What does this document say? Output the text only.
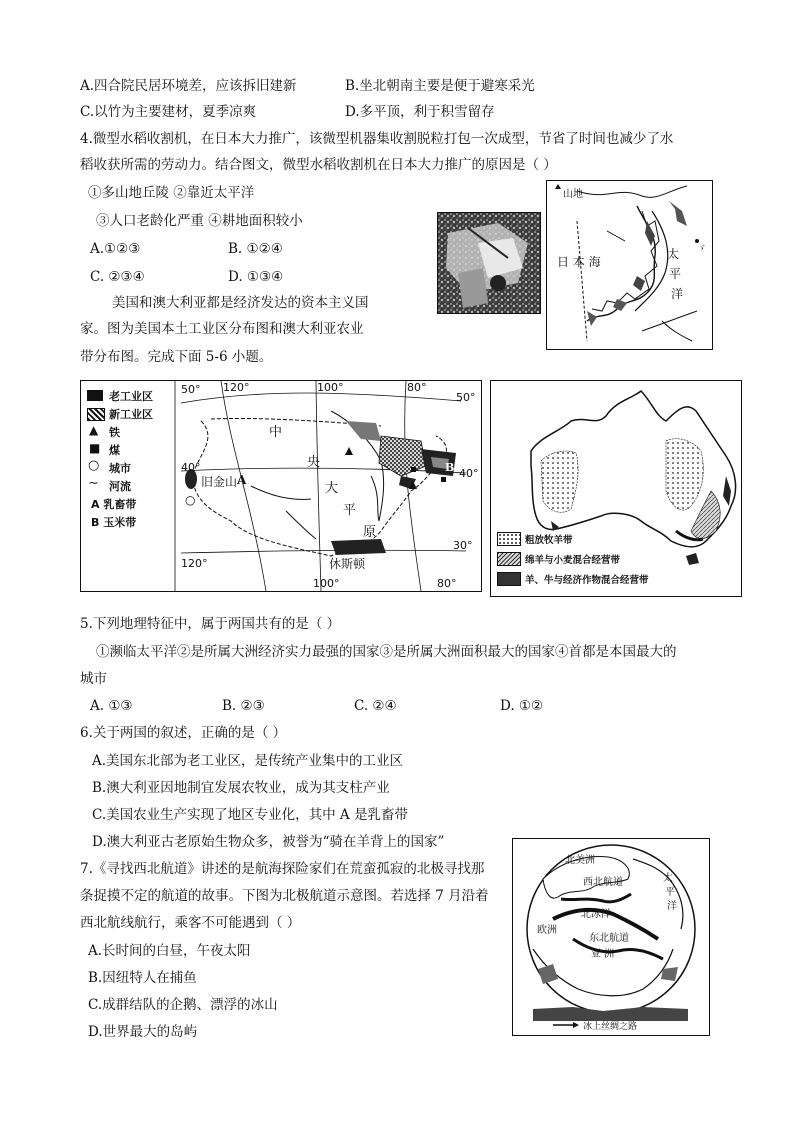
A.四合院民居环境差，应该拆旧建新	B.坐北朝南主要是便于避寒采光
C.以竹为主要建材，夏季凉爽	D.多平顶，利于积雪留存
4.微型水稻收割机，在日本大力推广，该微型机器集收割脱粒打包一次成型，节省了时间也减少了水
稻收获所需的劳动力。结合图文，微型水稻收割机在日本大力推广的原因是（ ）
①多山地丘陵 ②靠近太平洋
③人口老龄化严重 ④耕地面积较小
A.①②③	B. ①②④
C. ②③④	D. ①③④
ゞ
山地
日 本 海
太
平
洋
美国和澳大利亚都是经济发达的资本主义国
家。图为美国本土工业区分布图和澳大利亚农业
带分布图。完成下面 5-6 小题。
老工业区
新工业区
▲ 铁
■ 煤
○ 城市
∼ 河流
A 乳畜带
B 玉米带
50° 120°	100°	80°
50°
40°	40°
30°
120°
100°	80°
中
央
大
平
原
旧金山 A
B
休斯顿
○
粗放牧羊带
绵羊与小麦混合经营带
羊、牛与经济作物混合经营带
5.下列地理特征中，属于两国共有的是（ ）
①濒临太平洋②是所属大洲经济实力最强的国家③是所属大洲面积最大的国家④首都是本国最大的
城市
A. ①③	B. ②③	C. ②④	D. ①②
6.关于两国的叙述，正确的是（ ）
A.美国东北部为老工业区，是传统产业集中的工业区
B.澳大利亚因地制宜发展农牧业，成为其支柱产业
C.美国农业生产实现了地区专业化，其中 A 是乳畜带
D.澳大利亚古老原始生物众多，被誉为“骑在羊背上的国家”
7.《寻找西北航道》讲述的是航海探险家们在荒蛮孤寂的北极寻找那
条捉摸不定的航道的故事。下图为北极航道示意图。若选择 7 月沿着
西北航线航行，乘客不可能遇到（ ）
A.长时间的白昼，午夜太阳
B.因纽特人在捕鱼
C.成群结队的企鹅、漂浮的冰山
D.世界最大的岛屿
北美洲
西北航道
北冰洋
欧洲
东北航道
亚 洲
太
平
洋
冰上丝绸之路
